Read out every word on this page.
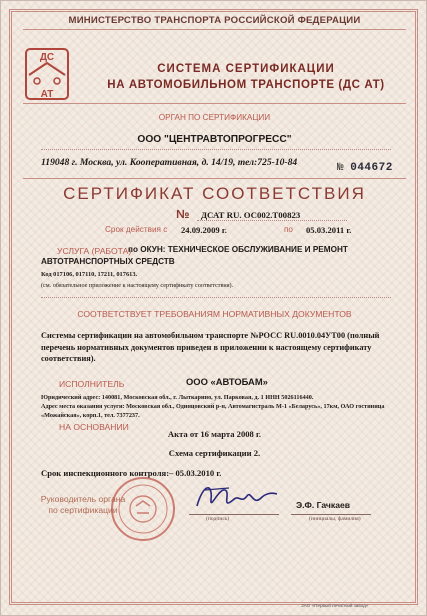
МИНИСТЕРСТВО ТРАНСПОРТА РОССИЙСКОЙ ФЕДЕРАЦИИ
ДС
АТ
СИСТЕМА СЕРТИФИКАЦИИ
НА АВТОМОБИЛЬНОМ ТРАНСПОРТЕ (ДС АТ)
ОРГАН ПО СЕРТИФИКАЦИИ
ООО "ЦЕНТРАВТОПРОГРЕСС"
119048 г. Москва, ул. Кооперативная, д. 14/19, тел:725-10-84	№ 044672
СЕРТИФИКАТ СООТВЕТСТВИЯ
№ ДСАТ RU. ОС002.Т00823
Срок действия с 24.09.2009 г.	по 05.03.2011 г.
УСЛУГА (РАБОТА)
по ОКУН: ТЕХНИЧЕСКОЕ ОБСЛУЖИВАНИЕ И РЕМОНТ
АВТОТРАНСПОРТНЫХ СРЕДСТВ
Код 017106, 017110, 17211, 017613.
(см. обязательное приложение к настоящему сертификату соответствия).
СООТВЕТСТВУЕТ ТРЕБОВАНИЯМ НОРМАТИВНЫХ ДОКУМЕНТОВ
Системы сертификации на автомобильном транспорте №РОСС RU.0010.04УТ00 (полный перечень нормативных документов приведен в приложении к настоящему сертификату соответствия).
ИСПОЛНИТЕЛЬ	ООО «АВТОБАМ»
Юридический адрес: 140081, Московская обл., г. Лыткарино, ул. Парковая, д. 1 ИНН 5026116440.
Адрес места оказания услуги: Московская обл., Одинцовский р-н, Автомагистраль М-1 «Беларусь», 17км, ОАО гостиница «Можайская», корп.1, тел. 7377237.
НА ОСНОВАНИИ
Акта от 16 марта 2008 г.
Схема сертификации 2.
Срок инспекционного контроля:– 05.03.2010 г.
Руководитель органа по сертификации
(подпись)
Э.Ф. Гачкаев
(инициалы, фамилия)
ЗАО «Первый печатный завод»
